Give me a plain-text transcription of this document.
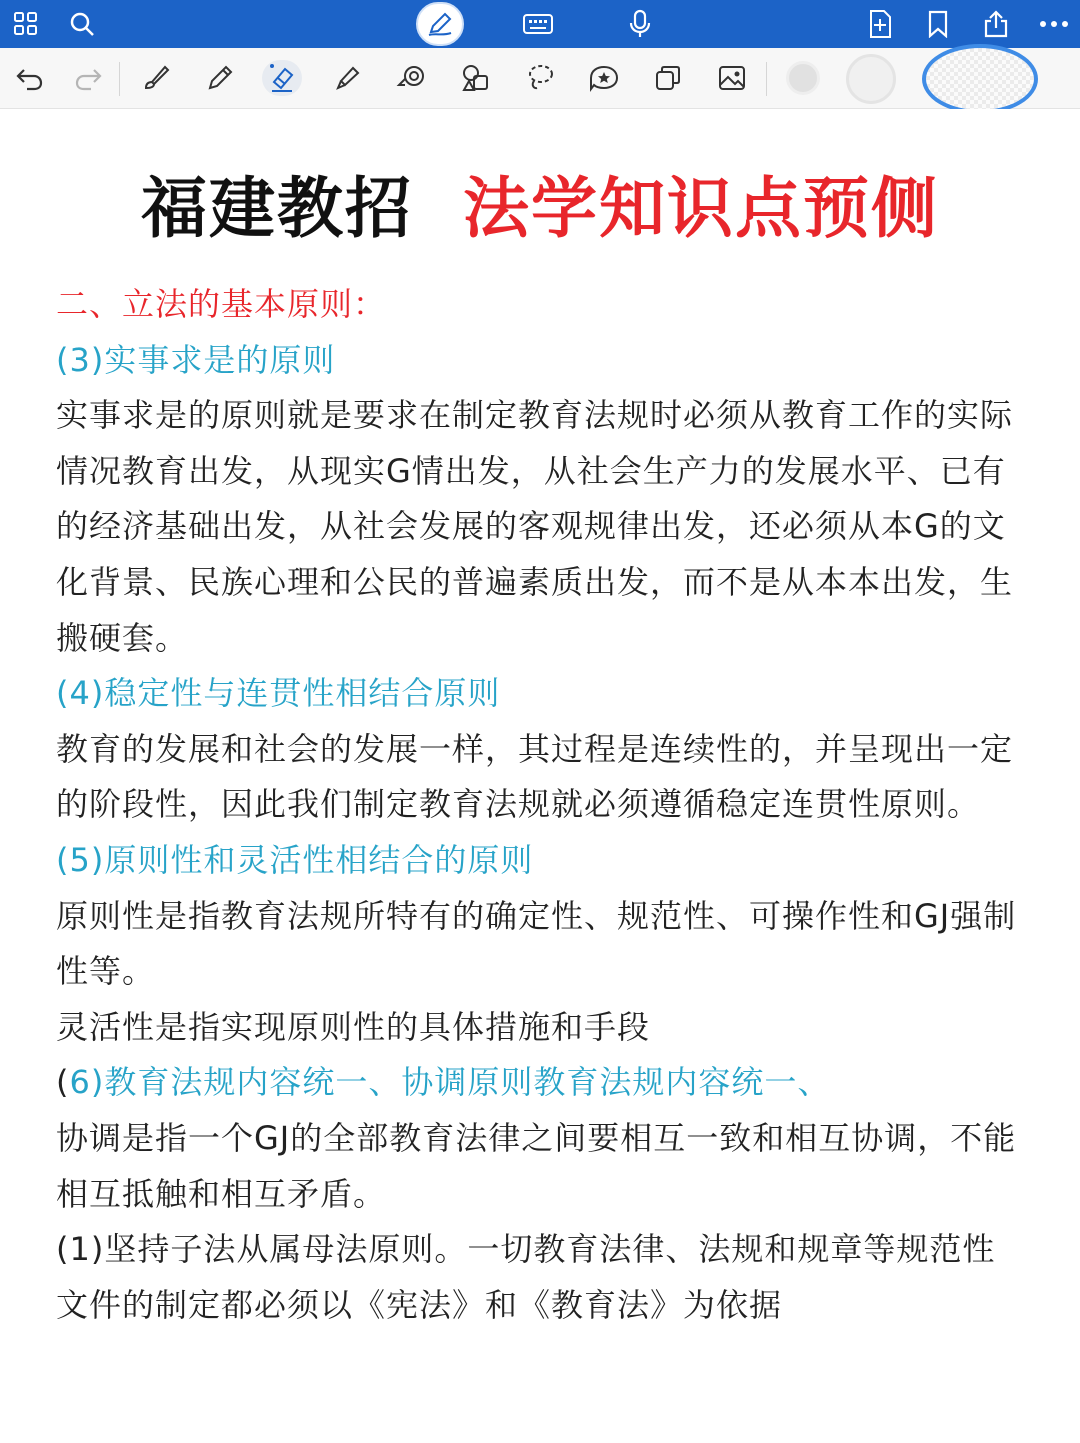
福建教招 法学知识点预侧

二、立法的基本原则：

(3)实事求是的原则

实事求是的原则就是要求在制定教育法规时必须从教育工作的实际情况教育出发，从现实G情出发，从社会生产力的发展水平、已有的经济基础出发，从社会发展的客观规律出发，还必须从本G的文化背景、民族心理和公民的普遍素质出发，而不是从本本出发，生搬硬套。

(4)稳定性与连贯性相结合原则

教育的发展和社会的发展一样，其过程是连续性的，并呈现出一定的阶段性，因此我们制定教育法规就必须遵循稳定连贯性原则。

(5)原则性和灵活性相结合的原则

原则性是指教育法规所特有的确定性、规范性、可操作性和GJ强制性等。

灵活性是指实现原则性的具体措施和手段

(6)教育法规内容统一、协调原则教育法规内容统一、

协调是指一个GJ的全部教育法律之间要相互一致和相互协调，不能相互抵触和相互矛盾。

(1)坚持子法从属母法原则。一切教育法律、法规和规章等规范性文件的制定都必须以《宪法》和《教育法》为依据
